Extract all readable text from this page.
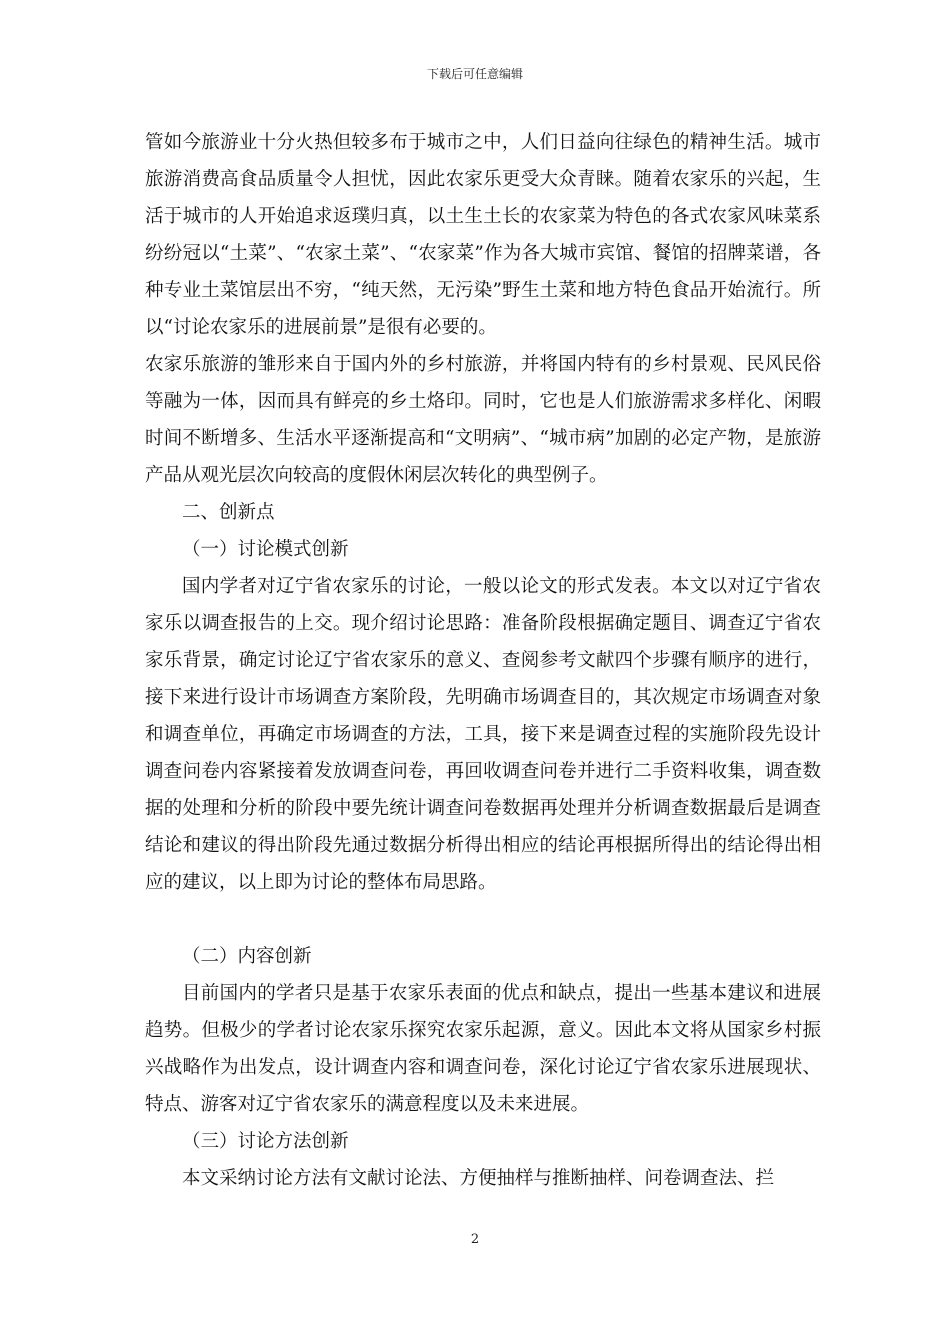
下载后可任意编辑

管如今旅游业十分火热但较多布于城市之中，人们日益向往绿色的精神生活。城市旅游消费高食品质量令人担忧，因此农家乐更受大众青睐。随着农家乐的兴起，生活于城市的人开始追求返璞归真，以土生土长的农家菜为特色的各式农家风味菜系纷纷冠以“土菜”、“农家土菜”、“农家菜”作为各大城市宾馆、餐馆的招牌菜谱，各种专业土菜馆层出不穷，“纯天然，无污染”野生土菜和地方特色食品开始流行。所以“讨论农家乐的进展前景”是很有必要的。

农家乐旅游的雏形来自于国内外的乡村旅游，并将国内特有的乡村景观、民风民俗等融为一体，因而具有鲜亮的乡土烙印。同时，它也是人们旅游需求多样化、闲暇时间不断增多、生活水平逐渐提高和“文明病”、“城市病”加剧的必定产物，是旅游产品从观光层次向较高的度假休闲层次转化的典型例子。

二、创新点

（一）讨论模式创新

国内学者对辽宁省农家乐的讨论，一般以论文的形式发表。本文以对辽宁省农家乐以调查报告的上交。现介绍讨论思路：准备阶段根据确定题目、调查辽宁省农家乐背景，确定讨论辽宁省农家乐的意义、查阅参考文献四个步骤有顺序的进行，接下来进行设计市场调查方案阶段，先明确市场调查目的，其次规定市场调查对象和调查单位，再确定市场调查的方法，工具，接下来是调查过程的实施阶段先设计调查问卷内容紧接着发放调查问卷，再回收调查问卷并进行二手资料收集，调查数据的处理和分析的阶段中要先统计调查问卷数据再处理并分析调查数据最后是调查结论和建议的得出阶段先通过数据分析得出相应的结论再根据所得出的结论得出相应的建议，以上即为讨论的整体布局思路。

（二）内容创新

目前国内的学者只是基于农家乐表面的优点和缺点，提出一些基本建议和进展趋势。但极少的学者讨论农家乐探究农家乐起源，意义。因此本文将从国家乡村振兴战略作为出发点，设计调查内容和调查问卷，深化讨论辽宁省农家乐进展现状、特点、游客对辽宁省农家乐的满意程度以及未来进展。

（三）讨论方法创新

本文采纳讨论方法有文献讨论法、方便抽样与推断抽样、问卷调查法、拦

2
